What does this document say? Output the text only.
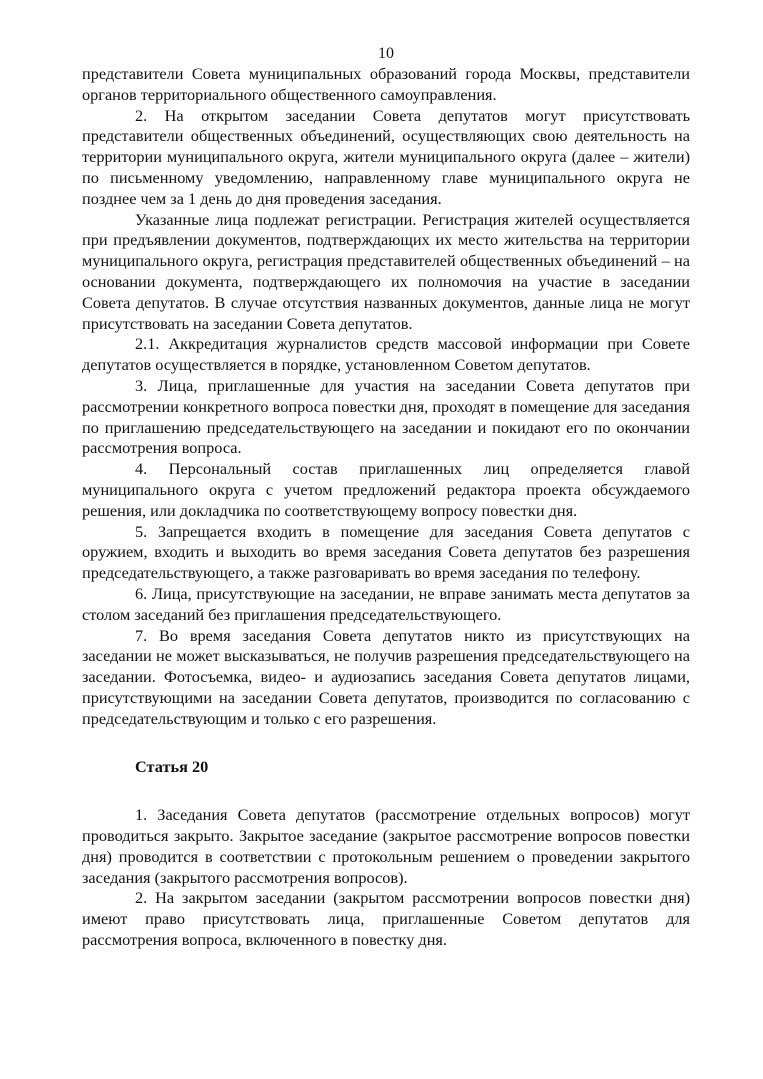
10

представители Совета муниципальных образований города Москвы, представители органов территориального общественного самоуправления.

2. На открытом заседании Совета депутатов могут присутствовать представители общественных объединений, осуществляющих свою деятельность на территории муниципального округа, жители муниципального округа (далее – жители) по письменному уведомлению, направленному главе муниципального округа не позднее чем за 1 день до дня проведения заседания.

Указанные лица подлежат регистрации. Регистрация жителей осуществляется при предъявлении документов, подтверждающих их место жительства на территории муниципального округа, регистрация представителей общественных объединений – на основании документа, подтверждающего их полномочия на участие в заседании Совета депутатов. В случае отсутствия названных документов, данные лица не могут присутствовать на заседании Совета депутатов.

2.1. Аккредитация журналистов средств массовой информации при Совете депутатов осуществляется в порядке, установленном Советом депутатов.

3. Лица, приглашенные для участия на заседании Совета депутатов при рассмотрении конкретного вопроса повестки дня, проходят в помещение для заседания по приглашению председательствующего на заседании и покидают его по окончании рассмотрения вопроса.

4. Персональный состав приглашенных лиц определяется главой муниципального округа с учетом предложений редактора проекта обсуждаемого решения, или докладчика по соответствующему вопросу повестки дня.

5. Запрещается входить в помещение для заседания Совета депутатов с оружием, входить и выходить во время заседания Совета депутатов без разрешения председательствующего, а также разговаривать во время заседания по телефону.

6. Лица, присутствующие на заседании, не вправе занимать места депутатов за столом заседаний без приглашения председательствующего.

7. Во время заседания Совета депутатов никто из присутствующих на заседании не может высказываться, не получив разрешения председательствующего на заседании. Фотосъемка, видео- и аудиозапись заседания Совета депутатов лицами, присутствующими на заседании Совета депутатов, производится по согласованию с председательствующим и только с его разрешения.

Статья 20

1. Заседания Совета депутатов (рассмотрение отдельных вопросов) могут проводиться закрыто. Закрытое заседание (закрытое рассмотрение вопросов повестки дня) проводится в соответствии с протокольным решением о проведении закрытого заседания (закрытого рассмотрения вопросов).

2. На закрытом заседании (закрытом рассмотрении вопросов повестки дня) имеют право присутствовать лица, приглашенные Советом депутатов для рассмотрения вопроса, включенного в повестку дня.
